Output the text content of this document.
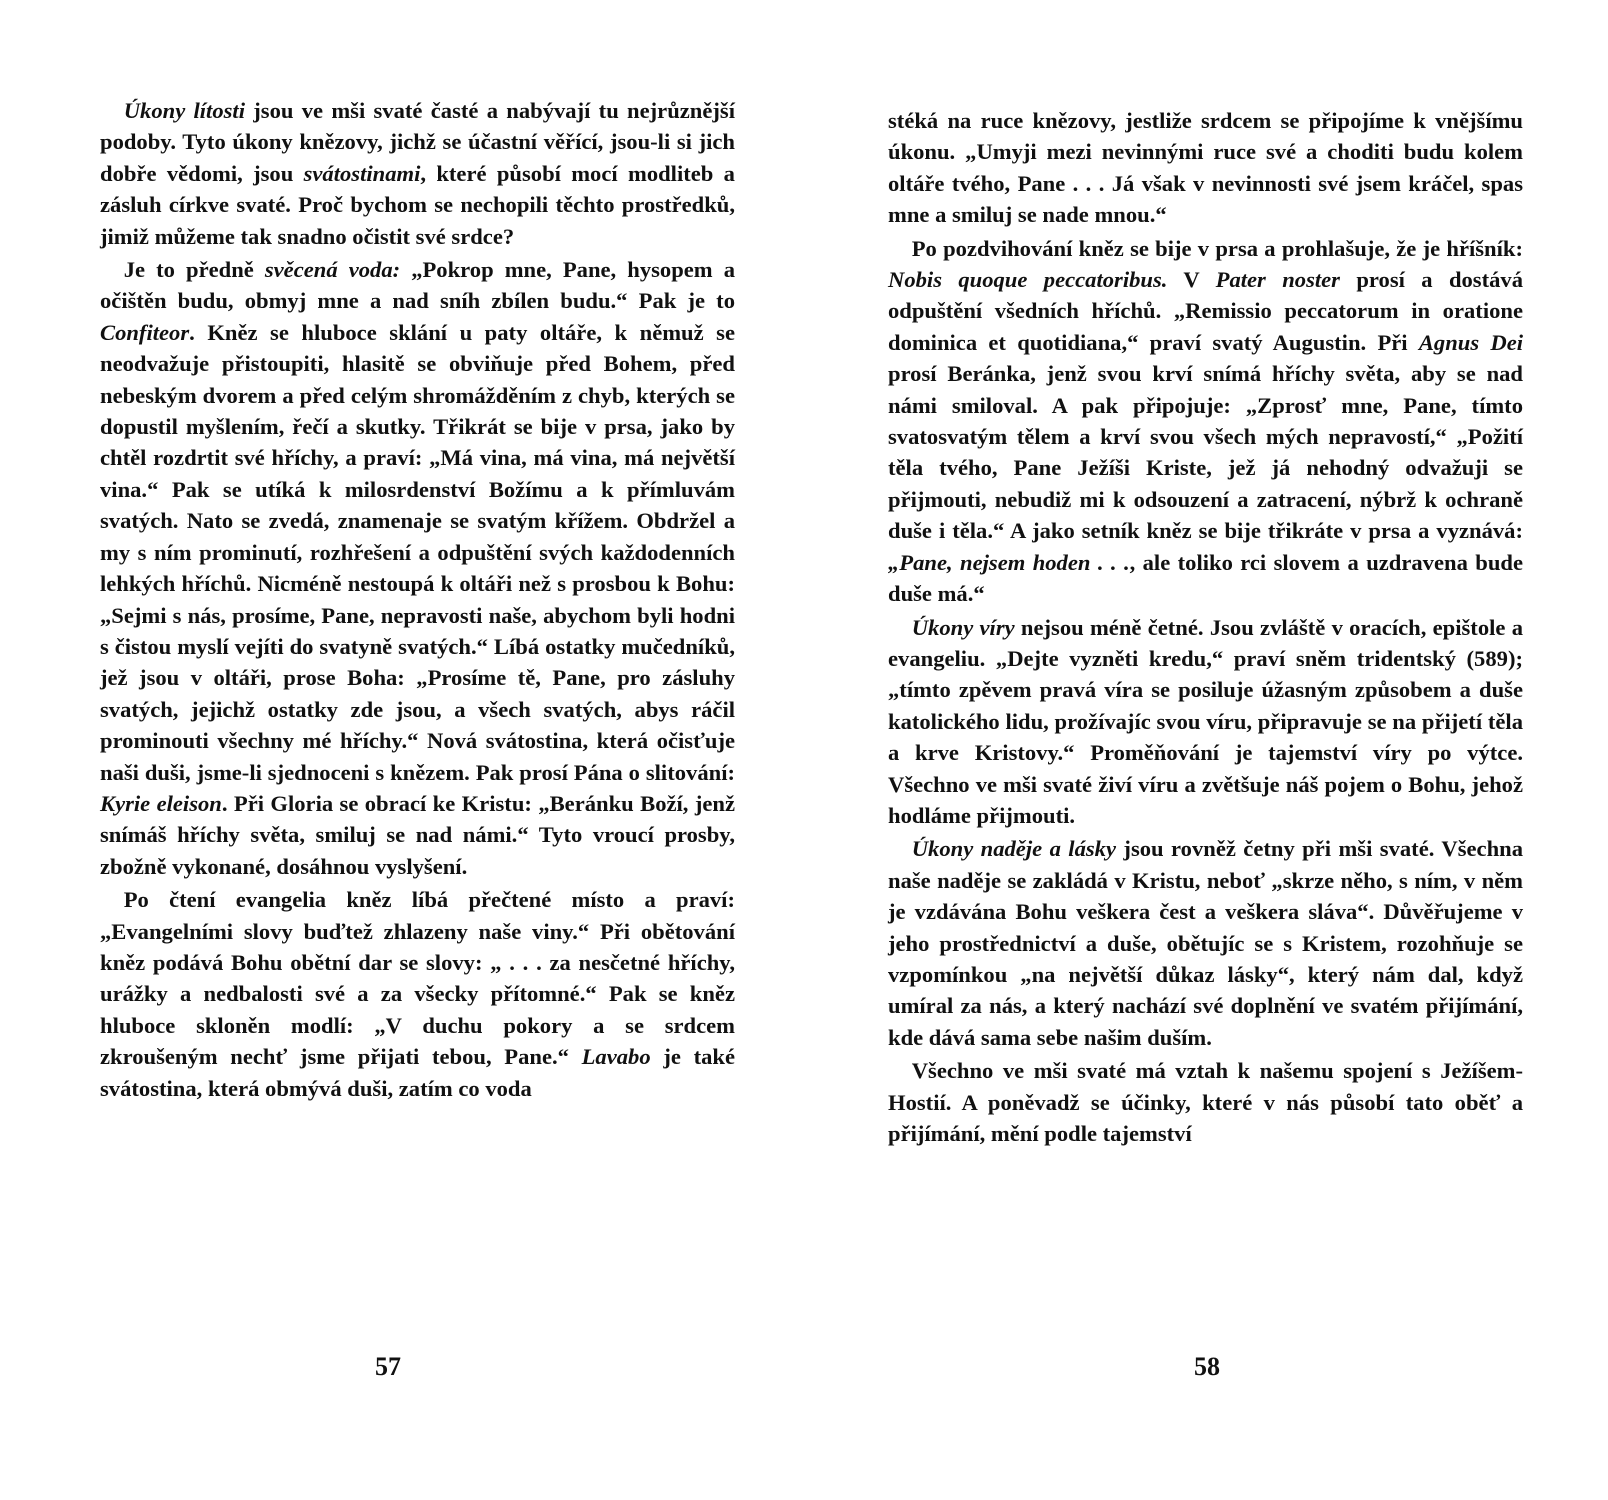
Úkony lítosti jsou ve mši svaté časté a nabývají tu nejrůznější podoby. Tyto úkony knězovy, jichž se účastní věřící, jsou-li si jich dobře vědomi, jsou svátostinami, které působí mocí modliteb a zásluh církve svaté. Proč bychom se nechopili těchto prostředků, jimiž můžeme tak snadno očistit své srdce?

Je to předně svěcená voda: „Pokrop mne, Pane, hysopem a očištěn budu, obmyj mne a nad sníh zbílen budu.“ Pak je to Confiteor. Kněz se hluboce sklání u paty oltáře, k němuž se neodvažuje přistoupiti, hlasitě se obviňuje před Bohem, před nebeským dvorem a před celým shromážděním z chyb, kterých se dopustil myšlením, řečí a skutky. Třikrát se bije v prsa, jako by chtěl rozdrtit své hříchy, a praví: „Má vina, má vina, má největší vina.“ Pak se utíká k milosrdenství Božímu a k přímluvám svatých. Nato se zvedá, znamenaje se svatým křížem. Obdržel a my s ním prominutí, rozhřešení a odpuštění svých každodenních lehkých hříchů. Nicméně nestoupá k oltáři než s prosbou k Bohu: „Sejmi s nás, prosíme, Pane, nepravosti naše, abychom byli hodni s čistou myslí vejíti do svatyně svatých.“ Líbá ostatky mučedníků, jež jsou v oltáři, prose Boha: „Prosíme tě, Pane, pro zásluhy svatých, jejichž ostatky zde jsou, a všech svatých, abys ráčil prominouti všechny mé hříchy.“ Nová svátostina, která očisťuje naši duši, jsme-li sjednoceni s knězem. Pak prosí Pána o slitování: Kyrie eleison. Při Gloria se obrací ke Kristu: „Beránku Boží, jenž snímáš hříchy světa, smiluj se nad námi.“ Tyto vroucí prosby, zbožně vykonané, dosáhnou vyslyšení.

Po čtení evangelia kněz líbá přečtené místo a praví: „Evangelními slovy buďtež zhlazeny naše viny.“ Při obětování kněz podává Bohu obětní dar se slovy: „ . . . za nesčetné hříchy, urážky a nedbalosti své a za všecky přítomné.“ Pak se kněz hluboce skloněn modlí: „V duchu pokory a se srdcem zkroušeným nechť jsme přijati tebou, Pane.“ Lavabo je také svátostina, která obmývá duši, zatím co voda

stéká na ruce knězovy, jestliže srdcem se připojíme k vnějšímu úkonu. „Umyji mezi nevinnými ruce své a choditi budu kolem oltáře tvého, Pane . . . Já však v nevinnosti své jsem kráčel, spas mne a smiluj se nade mnou.“

Po pozdvihování kněz se bije v prsa a prohlašuje, že je hříšník: Nobis quoque peccatoribus. V Pater noster prosí a dostává odpuštění všedních hříchů. „Remissio peccatorum in oratione dominica et quotidiana,“ praví svatý Augustin. Při Agnus Dei prosí Beránka, jenž svou krví snímá hříchy světa, aby se nad námi smiloval. A pak připojuje: „Zprosť mne, Pane, tímto svatosvatým tělem a krví svou všech mých nepravostí,“ „Požití těla tvého, Pane Ježíši Kriste, jež já nehodný odvažuji se přijmouti, nebudiž mi k odsouzení a zatracení, nýbrž k ochraně duše i těla.“ A jako setník kněz se bije třikráte v prsa a vyznává: „Pane, nejsem hoden . . ., ale toliko rci slovem a uzdravena bude duše má.“

Úkony víry nejsou méně četné. Jsou zvláště v oracích, epištole a evangeliu. „Dejte vyzněti kredu,“ praví sněm tridentský (589); „tímto zpěvem pravá víra se posiluje úžasným způsobem a duše katolického lidu, prožívajíc svou víru, připravuje se na přijetí těla a krve Kristovy.“ Proměňování je tajemství víry po výtce. Všechno ve mši svaté živí víru a zvětšuje náš pojem o Bohu, jehož hodláme přijmouti.

Úkony naděje a lásky jsou rovněž četny při mši svaté. Všechna naše naděje se zakládá v Kristu, neboť „skrze něho, s ním, v něm je vzdávána Bohu veškera čest a veškera sláva“. Důvěřujeme v jeho prostřednictví a duše, obětujíc se s Kristem, rozohňuje se vzpomínkou „na největší důkaz lásky“, který nám dal, když umíral za nás, a který nachází své doplnění ve svatém přijímání, kde dává sama sebe našim duším.

Všechno ve mši svaté má vztah k našemu spojení s Ježíšem-Hostií. A poněvadž se účinky, které v nás působí tato oběť a přijímání, mění podle tajemství

57	58
